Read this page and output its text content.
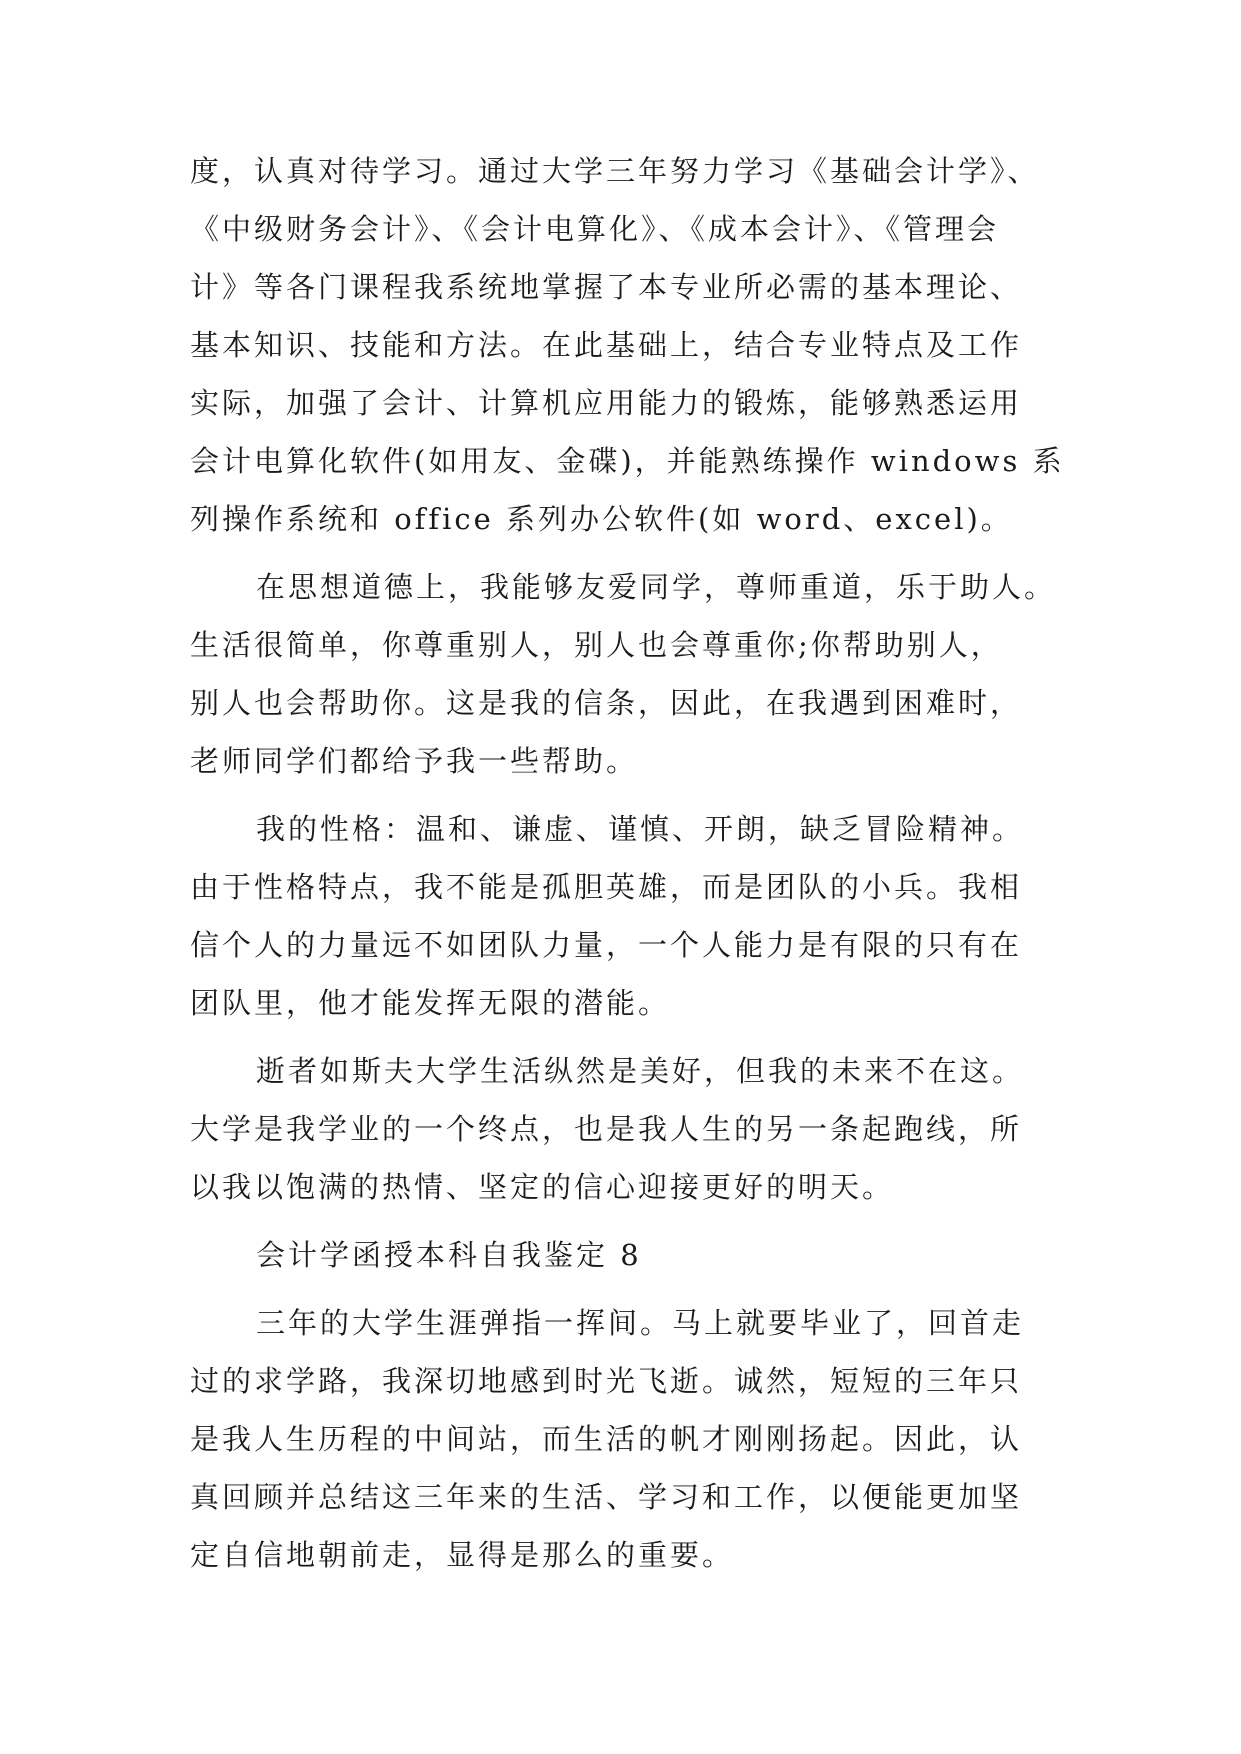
度，认真对待学习。通过大学三年努力学习《基础会计学》、
《中级财务会计》、《会计电算化》、《成本会计》、《管理会
计》等各门课程我系统地掌握了本专业所必需的基本理论、
基本知识、技能和方法。在此基础上，结合专业特点及工作
实际，加强了会计、计算机应用能力的锻炼，能够熟悉运用
会计电算化软件(如用友、金碟)，并能熟练操作 windows 系
列操作系统和 office 系列办公软件(如 word、excel)。
在思想道德上，我能够友爱同学，尊师重道，乐于助人。
生活很简单，你尊重别人，别人也会尊重你;你帮助别人，
别人也会帮助你。这是我的信条，因此，在我遇到困难时，
老师同学们都给予我一些帮助。
我的性格：温和、谦虚、谨慎、开朗，缺乏冒险精神。
由于性格特点，我不能是孤胆英雄，而是团队的小兵。我相
信个人的力量远不如团队力量，一个人能力是有限的只有在
团队里，他才能发挥无限的潜能。
逝者如斯夫大学生活纵然是美好，但我的未来不在这。
大学是我学业的一个终点，也是我人生的另一条起跑线，所
以我以饱满的热情、坚定的信心迎接更好的明天。
会计学函授本科自我鉴定 8
三年的大学生涯弹指一挥间。马上就要毕业了，回首走
过的求学路，我深切地感到时光飞逝。诚然，短短的三年只
是我人生历程的中间站，而生活的帆才刚刚扬起。因此，认
真回顾并总结这三年来的生活、学习和工作，以便能更加坚
定自信地朝前走，显得是那么的重要。
